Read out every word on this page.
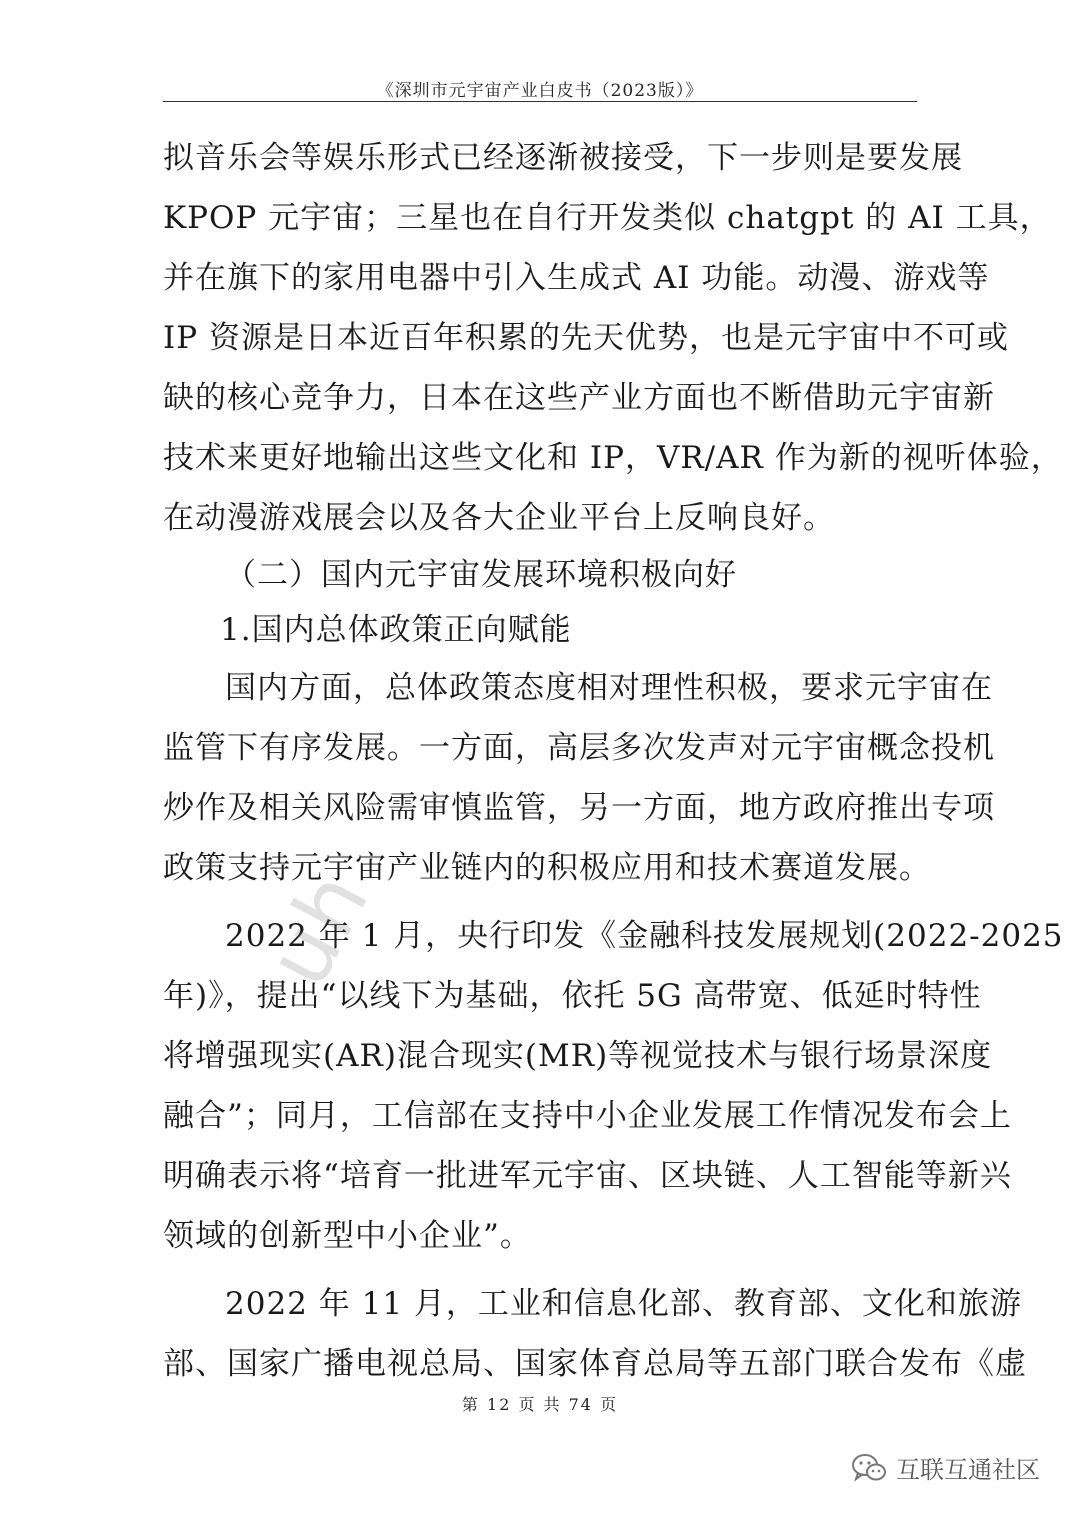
《深圳市元宇宙产业白皮书（2023版）》
拟音乐会等娱乐形式已经逐渐被接受，下一步则是要发展
KPOP 元宇宙；三星也在自行开发类似 chatgpt 的 AI 工具，
并在旗下的家用电器中引入生成式 AI 功能。动漫、游戏等
IP 资源是日本近百年积累的先天优势，也是元宇宙中不可或
缺的核心竞争力，日本在这些产业方面也不断借助元宇宙新
技术来更好地输出这些文化和 IP，VR/AR 作为新的视听体验，
在动漫游戏展会以及各大企业平台上反响良好。
（二）国内元宇宙发展环境积极向好
1.国内总体政策正向赋能
国内方面，总体政策态度相对理性积极，要求元宇宙在
监管下有序发展。一方面，高层多次发声对元宇宙概念投机
炒作及相关风险需审慎监管，另一方面，地方政府推出专项
政策支持元宇宙产业链内的积极应用和技术赛道发展。
2022 年 1 月，央行印发《金融科技发展规划(2022-2025
年)》，提出“以线下为基础，依托 5G 高带宽、低延时特性
将增强现实(AR)混合现实(MR)等视觉技术与银行场景深度
融合”；同月，工信部在支持中小企业发展工作情况发布会上
明确表示将“培育一批进军元宇宙、区块链、人工智能等新兴
领域的创新型中小企业”。
2022 年 11 月，工业和信息化部、教育部、文化和旅游
部、国家广播电视总局、国家体育总局等五部门联合发布《虚
uh
第 12 页 共 74 页
互联互通社区
